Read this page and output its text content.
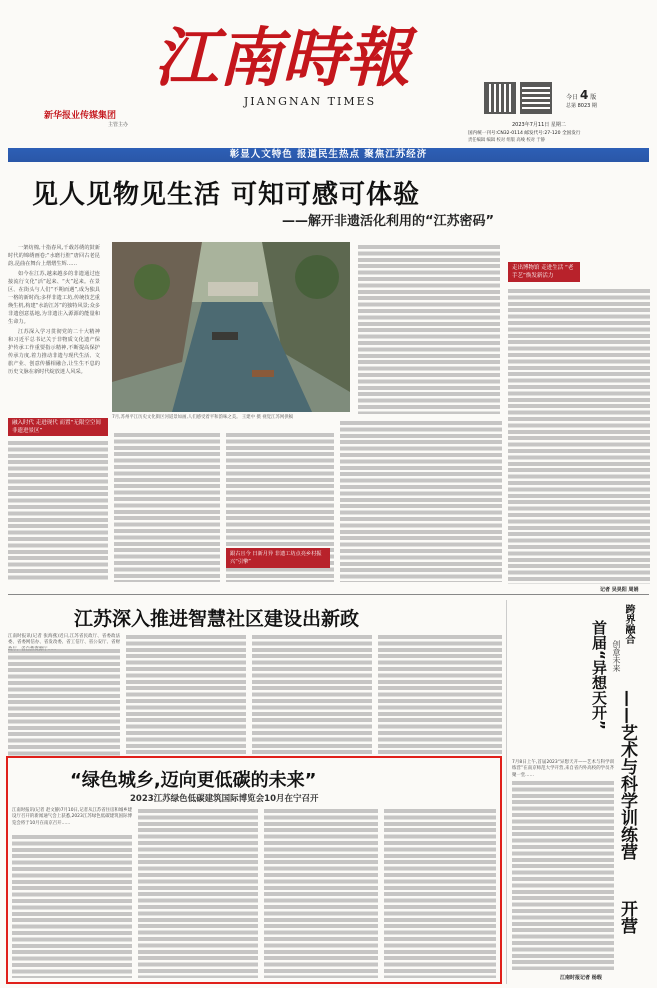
江南時報
新华报业传媒集团
主管主办
JIANGNAN TIMES	今日 4 版
总第 8023 期
2023年7月11日 星期二
国内统一刊号:CN32-0114 邮发代号:27-120 全国发行
责任编辑 编辑 校对 组版 高峻 校对 于静
彰显人文特色 报道民生热点 聚焦江苏经济
见人见物见生活 可知可感可体验
——解开非遗活化利用的“江苏密码”

一架纺棉,十指春风,千载苏绣的鼓新时代的锦绣画卷;“水磨行腔”唐回古老昆韵,昆曲在舞台上熠熠生辉……

如今在江苏,越来越多的非遗通过连接流行文化“活”起来、“火”起来。在景区、在街头与人们“不期而遇”,成为独具一格的新时尚;多样非遗工坊,传统技艺重焕生机,构建“水韵江苏”的独特风景;众多非遗创意基地,为非遗注入源源的能量和生命力。

江苏深入学习贯彻党的二十大精神和习近平总书记关于非物质文化遗产保护传承工作重要指示精神,不断提高保护传承力度,着力推动非遗与现代生活、文旅产业、创意传播相融合,让生生不息的历史文脉在新时代绽放迷人风采。

7月,苏州平江历史文化街区河道景如画,人们感受着平和韵味之美。 王建中 摄 视觉江苏网供稿
走出博物馆 走进生活 “老手艺”焕发新活力
记者 吴昊阳 周娟
融入时代 走进现代 而置“无限空空间非遗进景区”
跟古且今 日新月异 非遗工坊点亮乡村振兴“引擎”
江苏深入推进智慧社区建设出新政
江南时报讯(记者 张海燕)近日,江苏省民政厅、省委政法委、省委网信办、省发改委、省工信厅、省公安厅、省财
“绿色城乡,迈向更低碳的未来”
2023江苏绿色低碳建筑国际博览会10月在宁召开
江南时报讯(记者 赵文静)7月10日,记者从江苏省住房和城乡建设厅召开的新闻通气会上获悉,2023江苏绿色低碳建筑国际博览会将于10月在南京召开……
跨界融合
创意未来
首届“异想天开”
——艺术与科学训练营
开营
7月8日上午,首届2023“异想天开——艺术与科学训练营”在南京师范大学开营,来自省内外高校的学员齐聚一堂……
江南时报记者 杨瑕
